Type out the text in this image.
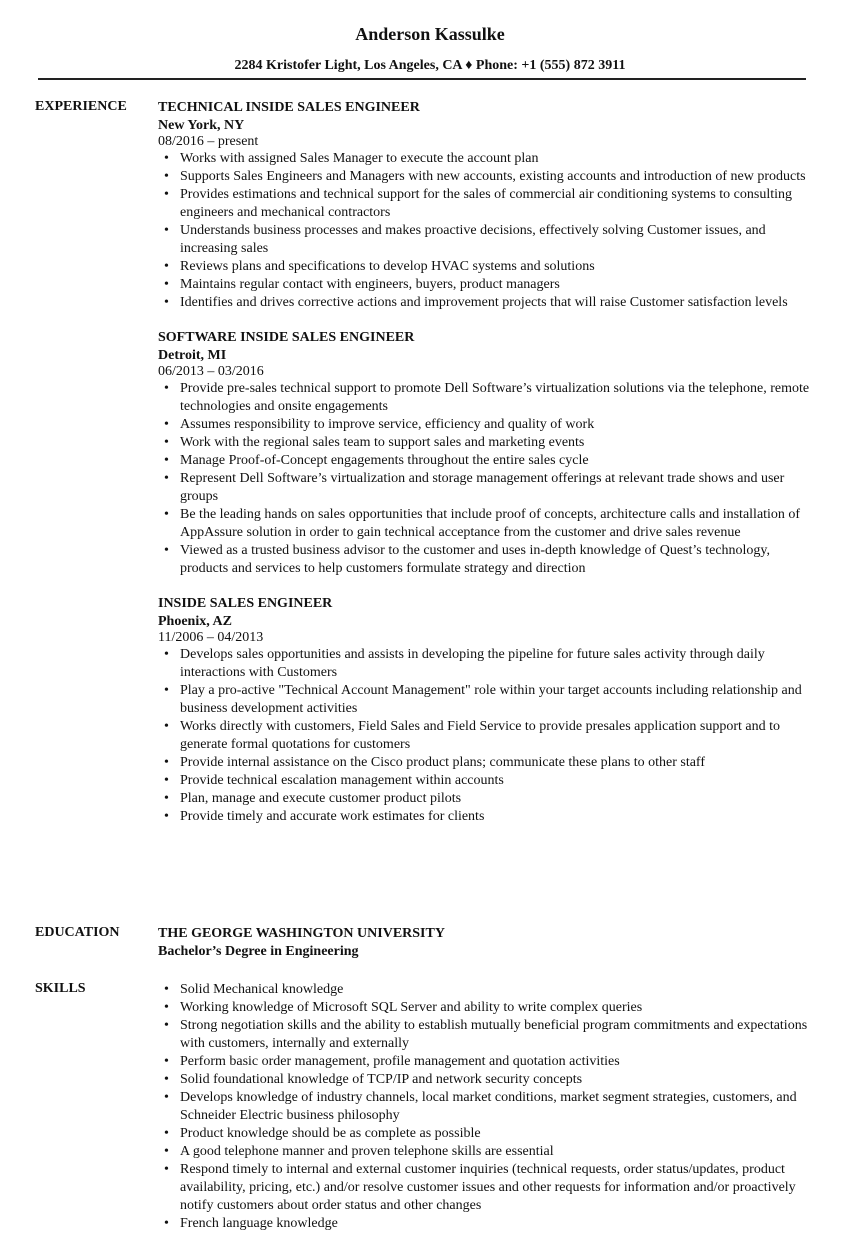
Anderson Kassulke
2284 Kristofer Light, Los Angeles, CA ♦ Phone: +1 (555) 872 3911
EXPERIENCE TECHNICAL INSIDE SALES ENGINEER
New York, NY
08/2016 – present
• Works with assigned Sales Manager to execute the account plan
• Supports Sales Engineers and Managers with new accounts, existing accounts and introduction of new products
• Provides estimations and technical support for the sales of commercial air conditioning systems to consulting engineers and mechanical contractors
• Understands business processes and makes proactive decisions, effectively solving Customer issues, and increasing sales
• Reviews plans and specifications to develop HVAC systems and solutions
• Maintains regular contact with engineers, buyers, product managers
• Identifies and drives corrective actions and improvement projects that will raise Customer satisfaction levels
SOFTWARE INSIDE SALES ENGINEER
Detroit, MI
06/2013 – 03/2016
• Provide pre-sales technical support to promote Dell Software’s virtualization solutions via the telephone, remote technologies and onsite engagements
• Assumes responsibility to improve service, efficiency and quality of work
• Work with the regional sales team to support sales and marketing events
• Manage Proof-of-Concept engagements throughout the entire sales cycle
• Represent Dell Software’s virtualization and storage management offerings at relevant trade shows and user groups
• Be the leading hands on sales opportunities that include proof of concepts, architecture calls and installation of AppAssure solution in order to gain technical acceptance from the customer and drive sales revenue
• Viewed as a trusted business advisor to the customer and uses in-depth knowledge of Quest’s technology, products and services to help customers formulate strategy and direction
INSIDE SALES ENGINEER
Phoenix, AZ
11/2006 – 04/2013
• Develops sales opportunities and assists in developing the pipeline for future sales activity through daily interactions with Customers
• Play a pro-active "Technical Account Management" role within your target accounts including relationship and business development activities
• Works directly with customers, Field Sales and Field Service to provide presales application support and to generate formal quotations for customers
• Provide internal assistance on the Cisco product plans; communicate these plans to other staff
• Provide technical escalation management within accounts
• Plan, manage and execute customer product pilots
• Provide timely and accurate work estimates for clients
EDUCATION	THE GEORGE WASHINGTON UNIVERSITY
Bachelor’s Degree in Engineering
SKILLS	• Solid Mechanical knowledge
• Working knowledge of Microsoft SQL Server and ability to write complex queries
• Strong negotiation skills and the ability to establish mutually beneficial program commitments and expectations with customers, internally and externally
• Perform basic order management, profile management and quotation activities
• Solid foundational knowledge of TCP/IP and network security concepts
• Develops knowledge of industry channels, local market conditions, market segment strategies, customers, and Schneider Electric business philosophy
• Product knowledge should be as complete as possible
• A good telephone manner and proven telephone skills are essential
• Respond timely to internal and external customer inquiries (technical requests, order status/updates, product availability, pricing, etc.) and/or resolve customer issues and other requests for information and/or proactively notify customers about order status and other changes
• French language knowledge
